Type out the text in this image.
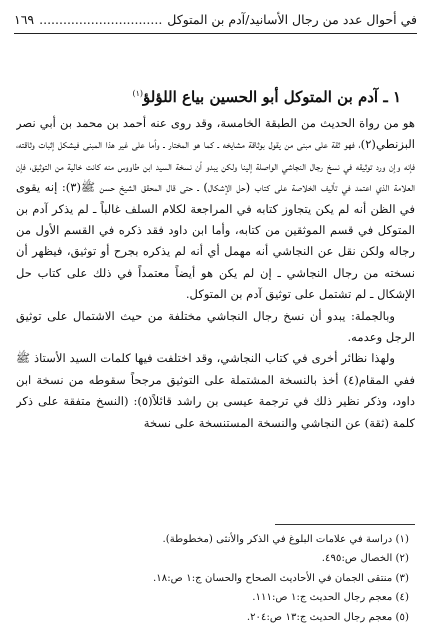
في أحوال عدد من رجال الأسانيد/آدم بن المتوكل
...............................
١٦٩
١ ـ آدم بن المتوكل أبو الحسين بياع اللؤلؤ$^{(١)}$

هو من رواة الحديث من الطبقة الخامسة، وقد روى عنه أحمد بن محمد بن أبي نصر البزنطي(٢)، فهو ثقة على مبنى من يقول بوثاقة مشايخه ـ كما هو المختار ـ وأما على غير هذا المبنى فيشكل إثبات وثاقته، فإنه وإن ورد توثيقه في نسخ رجال النجاشي الواصلة إلينا ولكن يبدو أن نسخة السيد ابن طاووس منه كانت خالية من التوثيق، فإن العلامة الذي اعتمد في تأليف الخلاصة على كتاب (حل الإشكال) ـ حتى قال المحقق الشيخ حسن ﷺ(٣): إنه يقوى في الظن أنه لم يكن يتجاوز كتابه في المراجعة لكلام السلف غالباً ـ لم يذكر آدم بن المتوكل في قسم الموثقين من كتابه، وأما ابن داود فقد ذكره في القسم الأول من رجاله ولكن نقل عن النجاشي أنه مهمل أي أنه لم يذكره بجرح أو توثيق، فيظهر أن نسخته من رجال النجاشي ـ إن لم يكن هو أيضاً معتمداً في ذلك على كتاب حل الإشكال ـ لم تشتمل على توثيق آدم بن المتوكل.

وبالجملة: يبدو أن نسخ رجال النجاشي مختلفة من حيث الاشتمال على توثيق الرجل وعدمه.

ولهذا نظائر أخرى في كتاب النجاشي، وقد اختلفت فيها كلمات السيد الأستاذ ﷺ ففي المقام(٤) أخذ بالنسخة المشتملة على التوثيق مرجحاً سقوطه من نسخة ابن داود، وذكر نظير ذلك في ترجمة عيسى بن راشد قائلاً(٥): (النسخ متفقة على ذكر كلمة (ثقة) عن النجاشي والنسخة المستنسخة على نسخة

(١) دراسة في علامات البلوغ في الذكر والأنثى (مخطوطة).
(٢) الخصال ص:٤٩٥.
(٣) منتقى الجمان في الأحاديث الصحاح والحسان ج:١ ص:١٨.
(٤) معجم رجال الحديث ج:١ ص:١١١.
(٥) معجم رجال الحديث ج:١٣ ص:٢٠٤.
